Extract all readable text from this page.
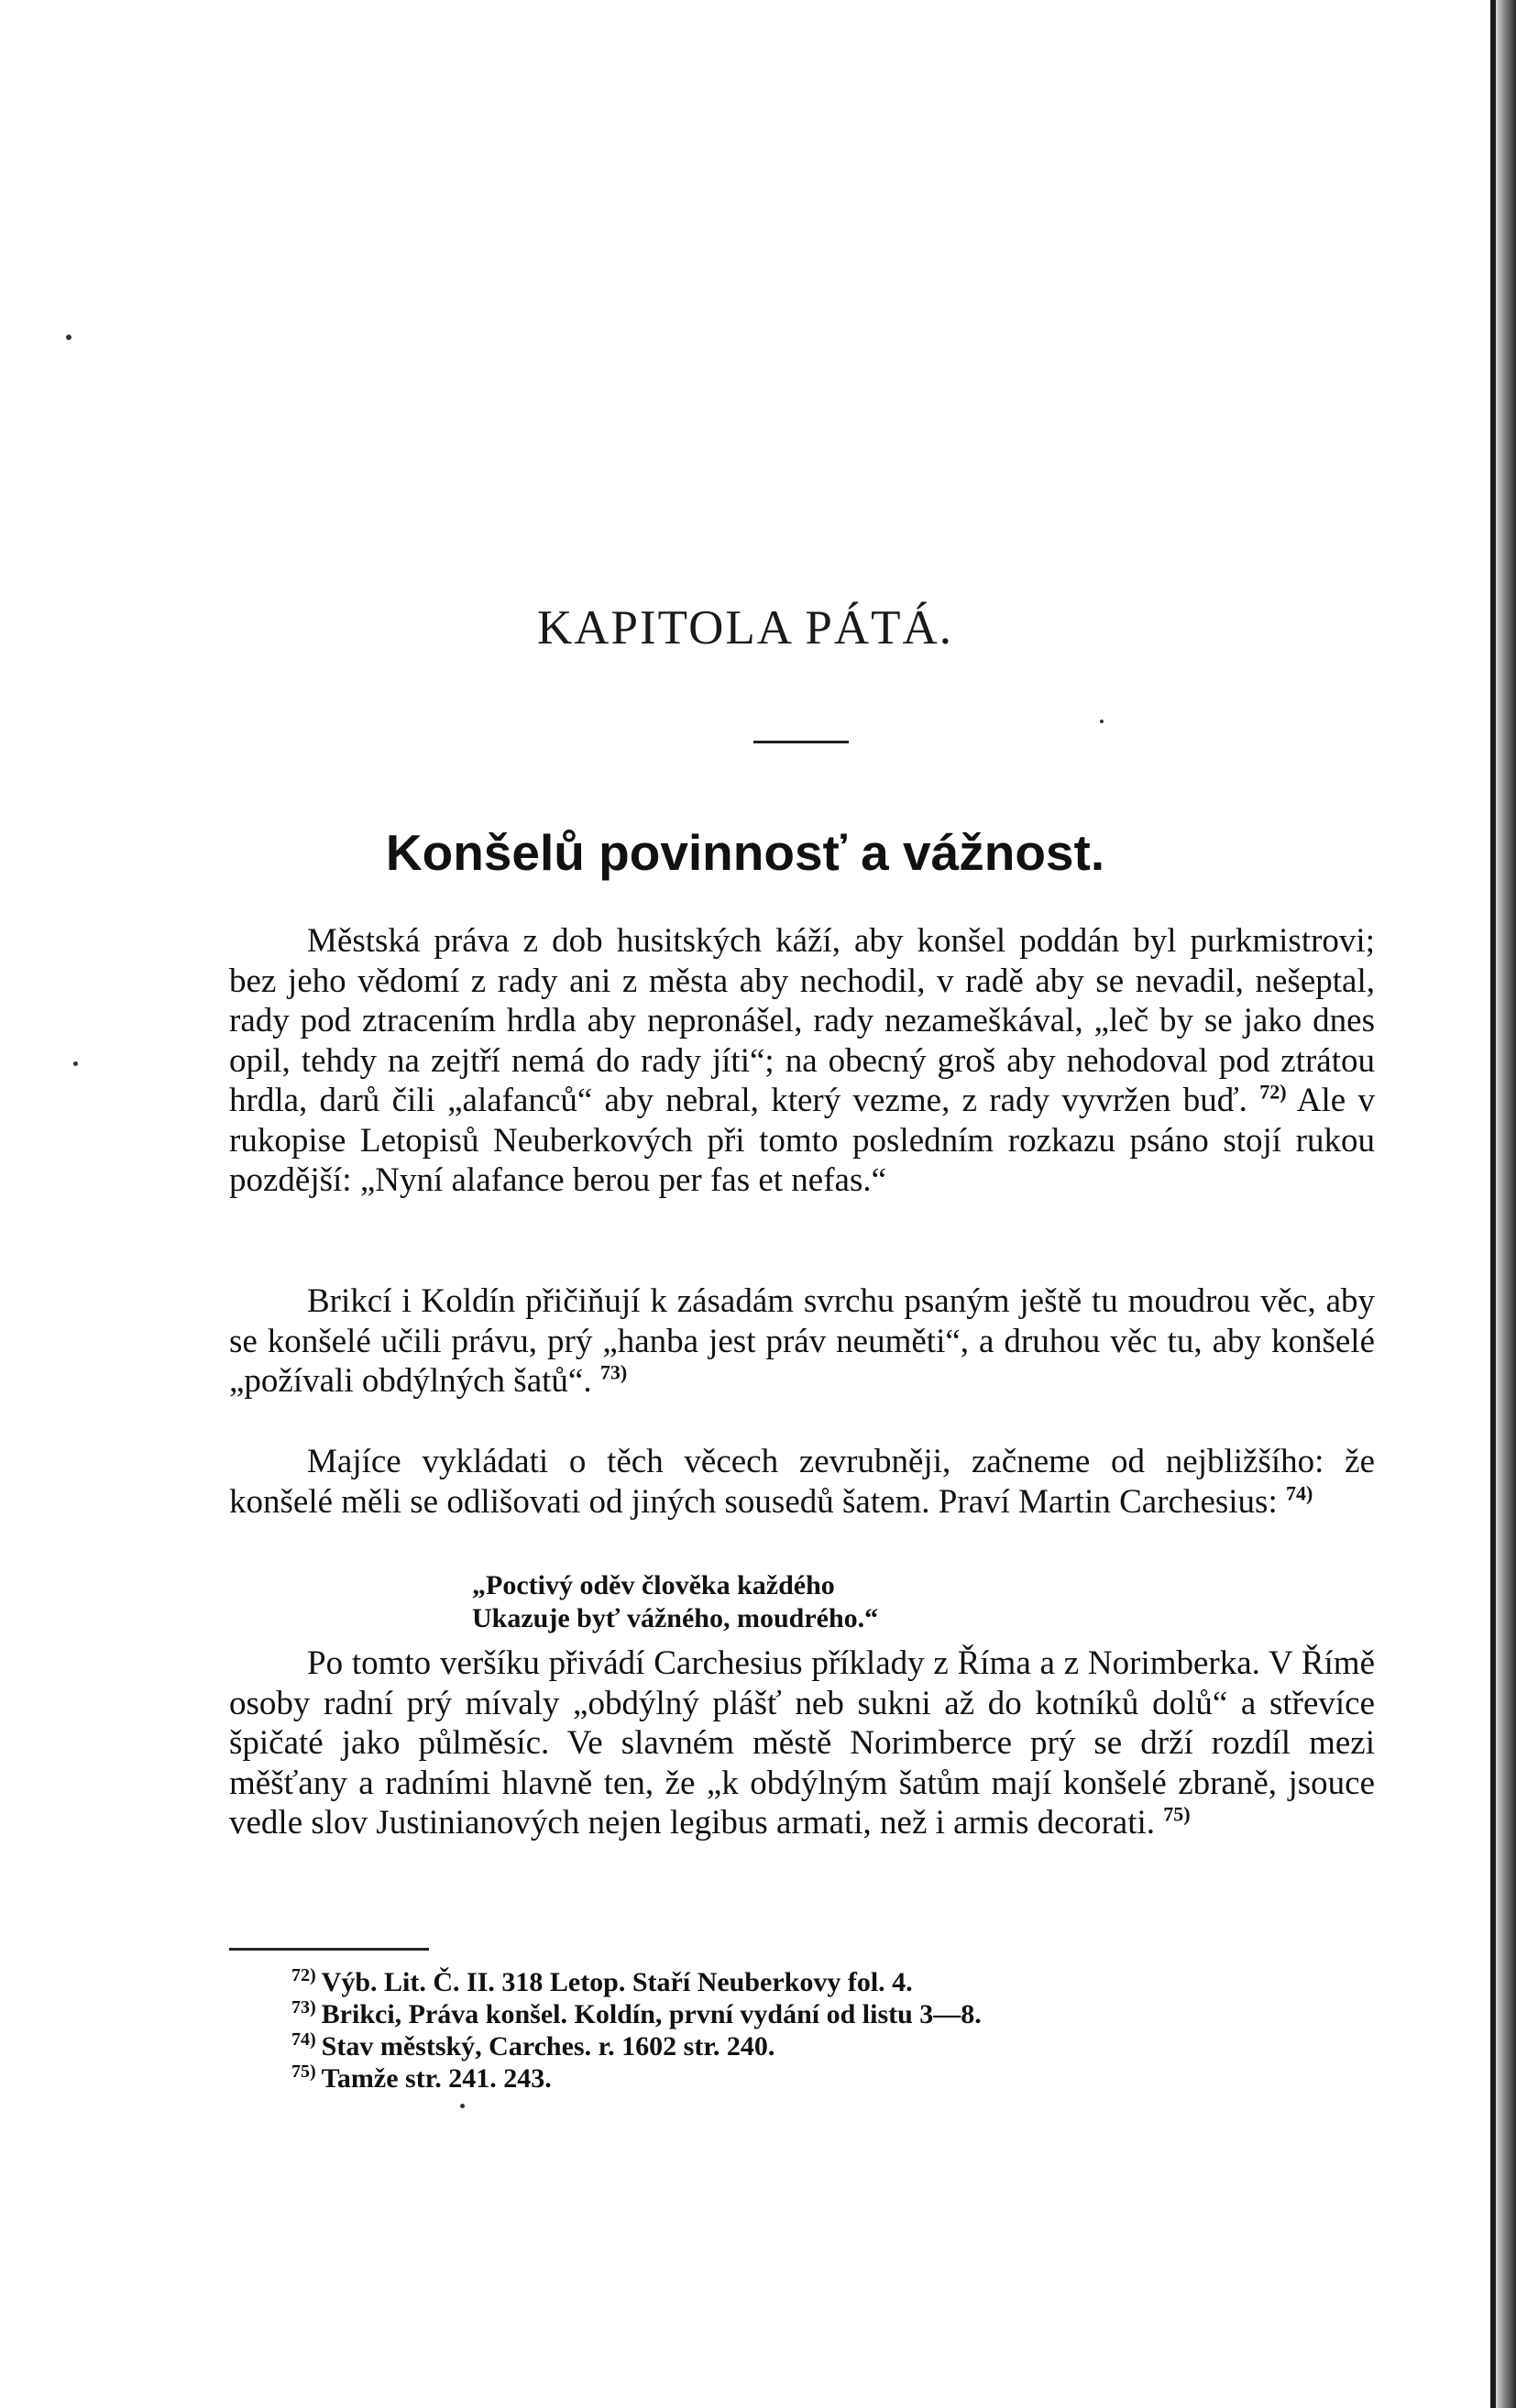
KAPITOLA PÁTÁ.
Konšelů povinnosť a vážnost.

Městská práva z dob husitských káží, aby konšel poddán byl purkmistrovi; bez jeho vědomí z rady ani z města aby nechodil, v radě aby se nevadil, nešeptal, rady pod ztracením hrdla aby nepronášel, rady nezameškával, „leč by se jako dnes opil, tehdy na zejtří nemá do rady jíti“; na obecný groš aby nehodoval pod ztrátou hrdla, darů čili „alafanců“ aby nebral, který vezme, z rady vyvržen buď. $^{72)}$ Ale v rukopise Letopisů Neuberkových při tomto posledním rozkazu psáno stojí rukou pozdější: „Nyní alafance berou per fas et nefas.“

Brikcí i Koldín přičiňují k zásadám svrchu psaným ještě tu moudrou věc, aby se konšelé učili právu, prý „hanba jest práv neuměti“, a druhou věc tu, aby konšelé „požívali obdýlných šatů“. $^{73)}$

Majíce vykládati o těch věcech zevrubněji, začneme od nejbližšího: že konšelé měli se odlišovati od jiných sousedů šatem. Praví Martin Carchesius: $^{74)}$

„Poctivý oděv člověka každého
Ukazuje byť vážného, moudrého.“

Po tomto veršíku přivádí Carchesius příklady z Říma a z Norimberka. V Římě osoby radní prý mívaly „obdýlný plášť neb sukni až do kotníků dolů“ a střevíce špičaté jako půlměsíc. Ve slavném městě Norimberce prý se drží rozdíl mezi měšťany a radními hlavně ten, že „k obdýlným šatům mají konšelé zbraně, jsouce vedle slov Justinianových nejen legibus armati, než i armis decorati. $^{75)}$

$^{72)}$ Výb. Lit. Č. II. 318 Letop. Staří Neuberkovy fol. 4.
$^{73)}$ Brikci, Práva konšel. Koldín, první vydání od listu 3—8.
$^{74)}$ Stav městský, Carches. r. 1602 str. 240.
$^{75)}$ Tamže str. 241. 243.
